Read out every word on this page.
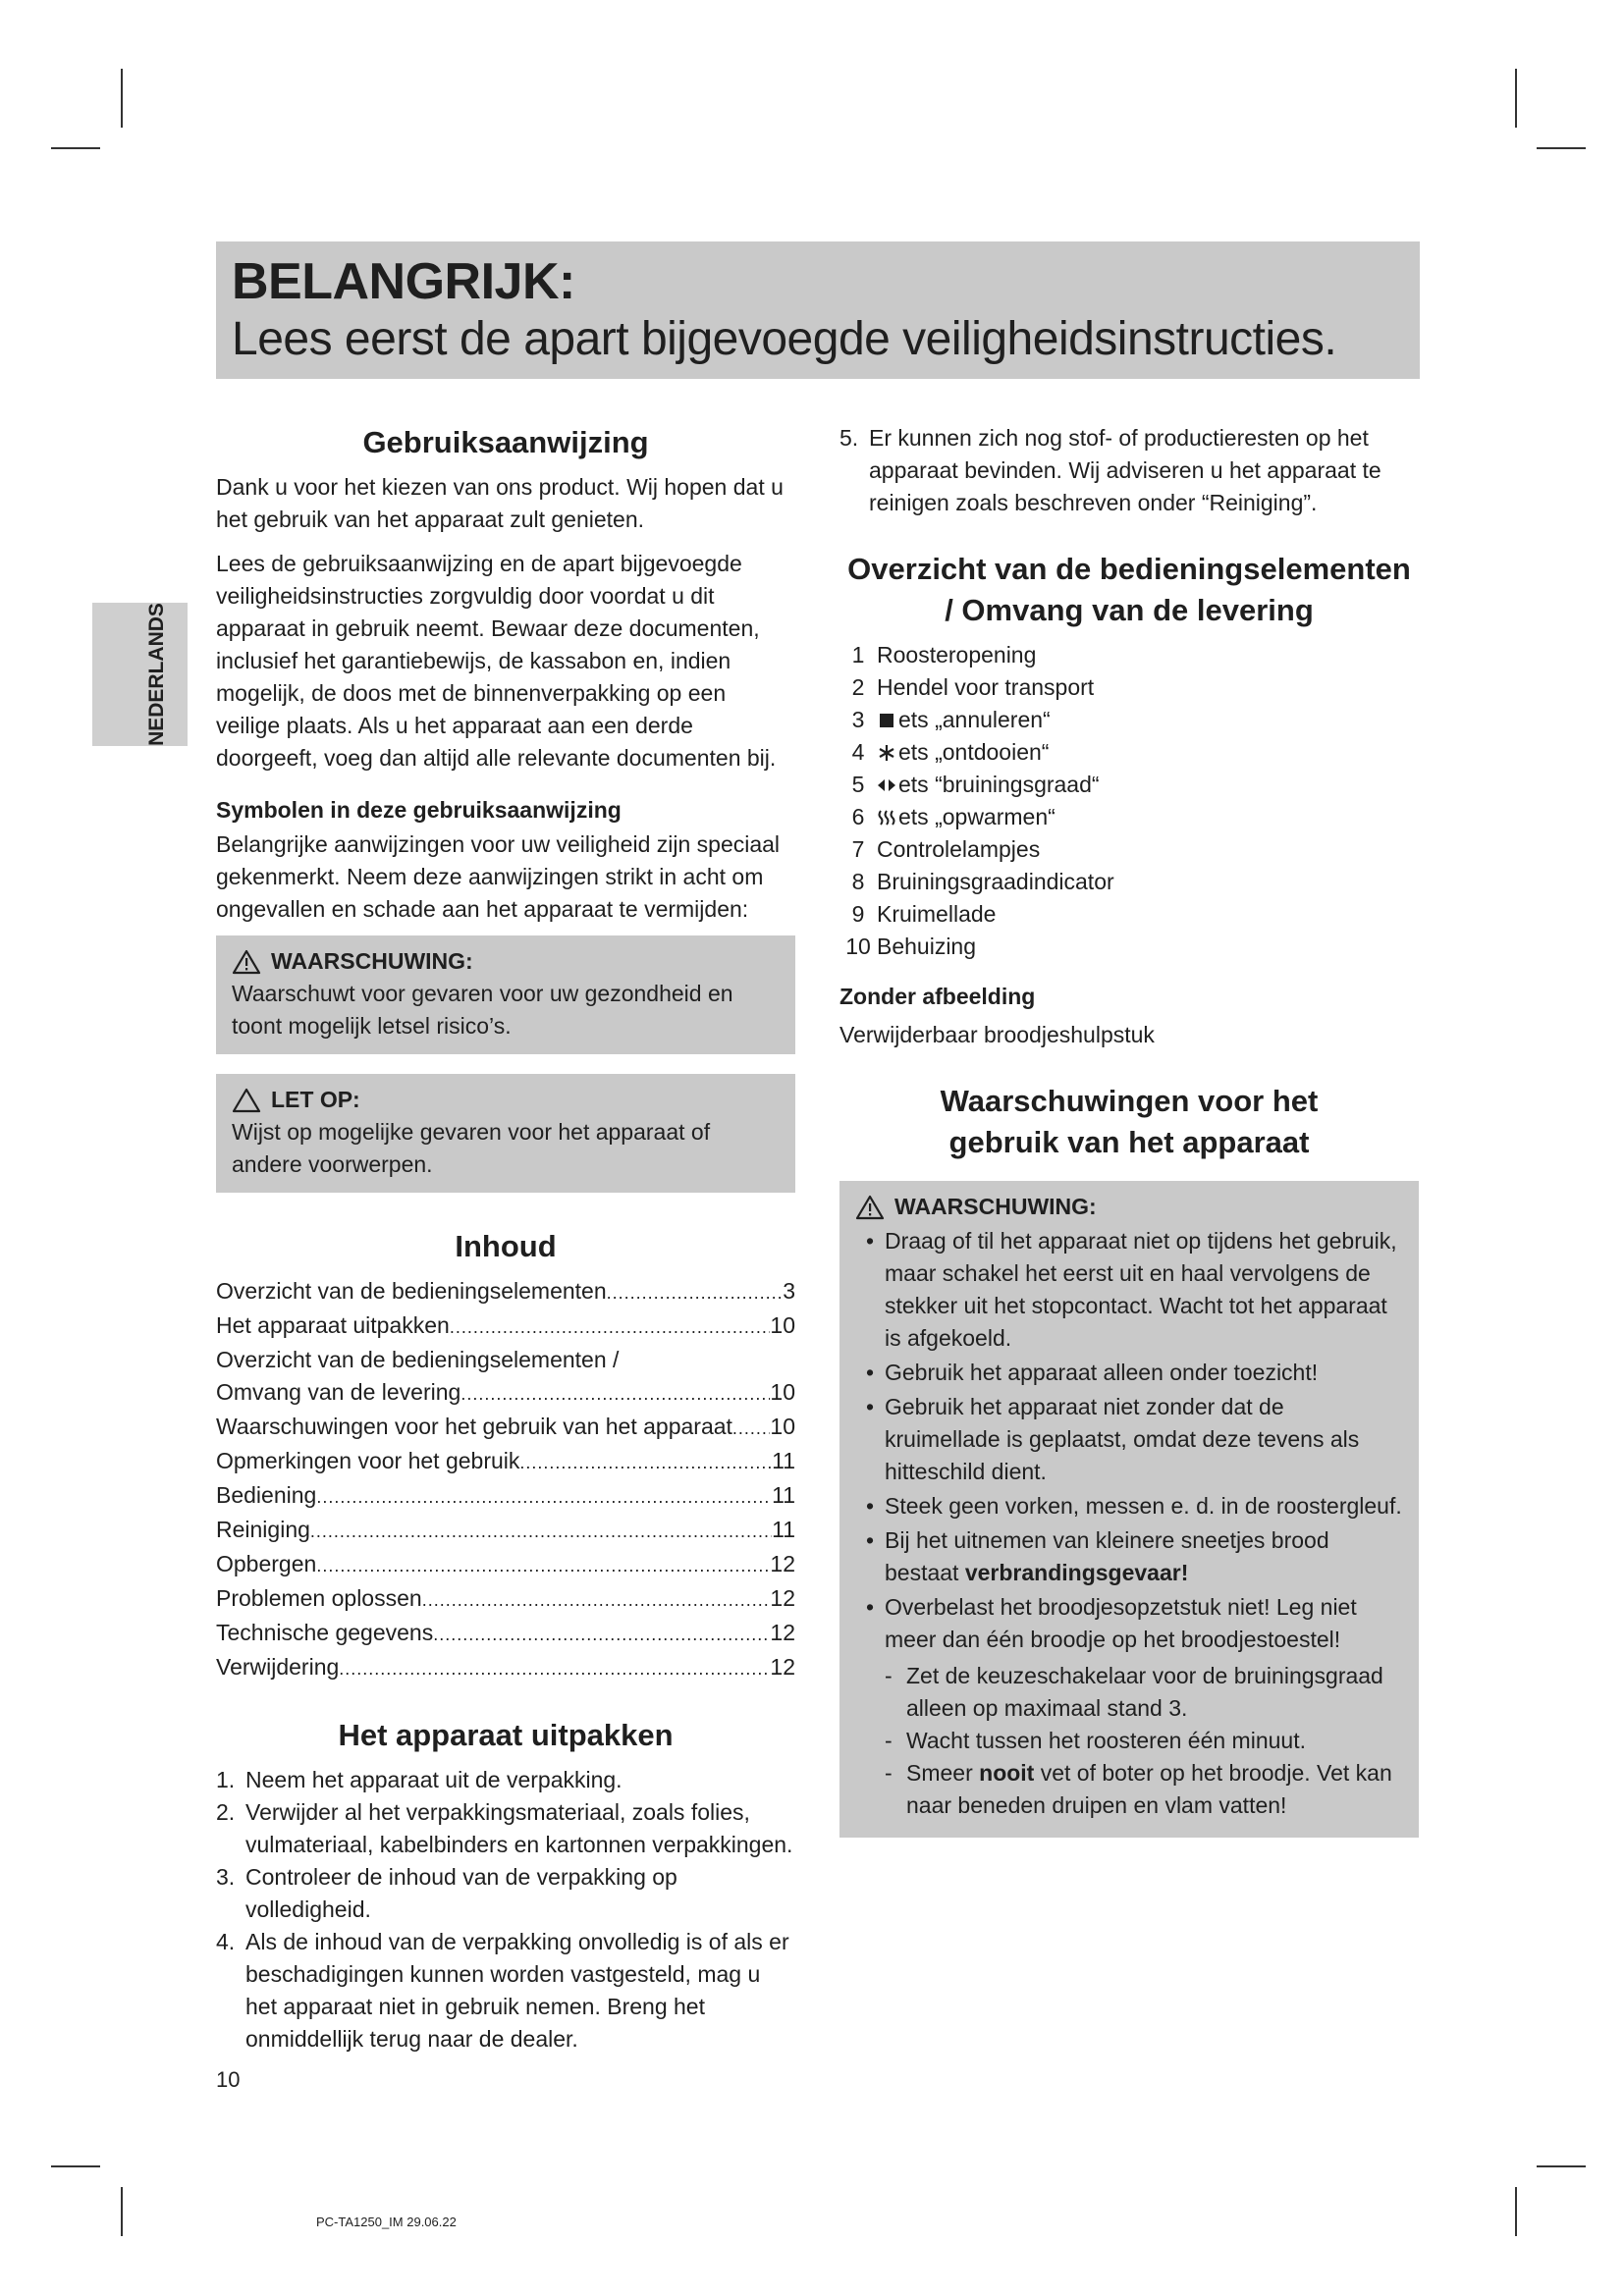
BELANGRIJK:
Lees eerst de apart bijgevoegde veiligheidsinstructies.
NEDERLANDS
Gebruiksaanwijzing

Dank u voor het kiezen van ons product. Wij hopen dat u het gebruik van het apparaat zult genieten.

Lees de gebruiksaanwijzing en de apart bijgevoegde veiligheidsinstructies zorgvuldig door voordat u dit apparaat in gebruik neemt. Bewaar deze documenten, inclusief het garantiebewijs, de kassabon en, indien mogelijk, de doos met de binnenverpakking op een veilige plaats. Als u het apparaat aan een derde doorgeeft, voeg dan altijd alle relevante documenten bij.

Symbolen in deze gebruiksaanwijzing

Belangrijke aanwijzingen voor uw veiligheid zijn speciaal gekenmerkt. Neem deze aanwijzingen strikt in acht om ongevallen en schade aan het apparaat te vermijden:

WAARSCHUWING:

Waarschuwt voor gevaren voor uw gezondheid en toont mogelijk letsel risico’s.

LET OP:

Wijst op mogelijke gevaren voor het apparaat of andere voorwerpen.

Inhoud
Overzicht van de bedieningselementen .....	3
Het apparaat uitpakken .....	10
Overzicht van de bedieningselementen /
Omvang van de levering .....	10
Waarschuwingen voor het gebruik van het apparaat ..... 10
Opmerkingen voor het gebruik .....	11
Bediening .....	11
Reiniging .....	11
Opbergen .....	12
Problemen oplossen .....	12
Technische gegevens .....	12
Verwijdering .....	12
Het apparaat uitpakken
1. Neem het apparaat uit de verpakking.
2. Verwijder al het verpakkingsmateriaal, zoals folies, vulmateriaal, kabelbinders en kartonnen verpakkingen.
3. Controleer de inhoud van de verpakking op volledigheid.
4. Als de inhoud van de verpakking onvolledig is of als er beschadigingen kunnen worden vastgesteld, mag u het apparaat niet in gebruik nemen. Breng het onmiddellijk terug naar de dealer.
5. Er kunnen zich nog stof- of productieresten op het apparaat bevinden. Wij adviseren u het apparaat te reinigen zoals beschreven onder “Reiniging”.
Overzicht van de bedieningselementen / Omvang van de levering
1 Roosteropening
2 Hendel voor transport
3	ets „annuleren“
4	ets „ontdooien“
5	ets “bruiningsgraad“
6	ets „opwarmen“
7 Controlelampjes
8 Bruiningsgraadindicator
9 Kruimellade
10 Behuizing
Zonder afbeelding

Verwijderbaar broodjeshulpstuk

Waarschuwingen voor het gebruik van het apparaat
WAARSCHUWING:
• Draag of til het apparaat niet op tijdens het gebruik, maar schakel het eerst uit en haal vervolgens de stekker uit het stopcontact. Wacht tot het apparaat is afgekoeld.
• Gebruik het apparaat alleen onder toezicht!
• Gebruik het apparaat niet zonder dat de kruimellade is geplaatst, omdat deze tevens als hitteschild dient.
• Steek geen vorken, messen e. d. in de roostergleuf.
• Bij het uitnemen van kleinere sneetjes brood bestaat verbrandingsgevaar!
• Overbelast het broodjesopzetstuk niet! Leg niet meer dan één broodje op het broodjestoestel!
- Zet de keuzeschakelaar voor de bruiningsgraad alleen op maximaal stand 3.
- Wacht tussen het roosteren één minuut.
- Smeer nooit vet of boter op het broodje. Vet kan naar beneden druipen en vlam vatten!
10
PC-TA1250_IM 29.06.22
